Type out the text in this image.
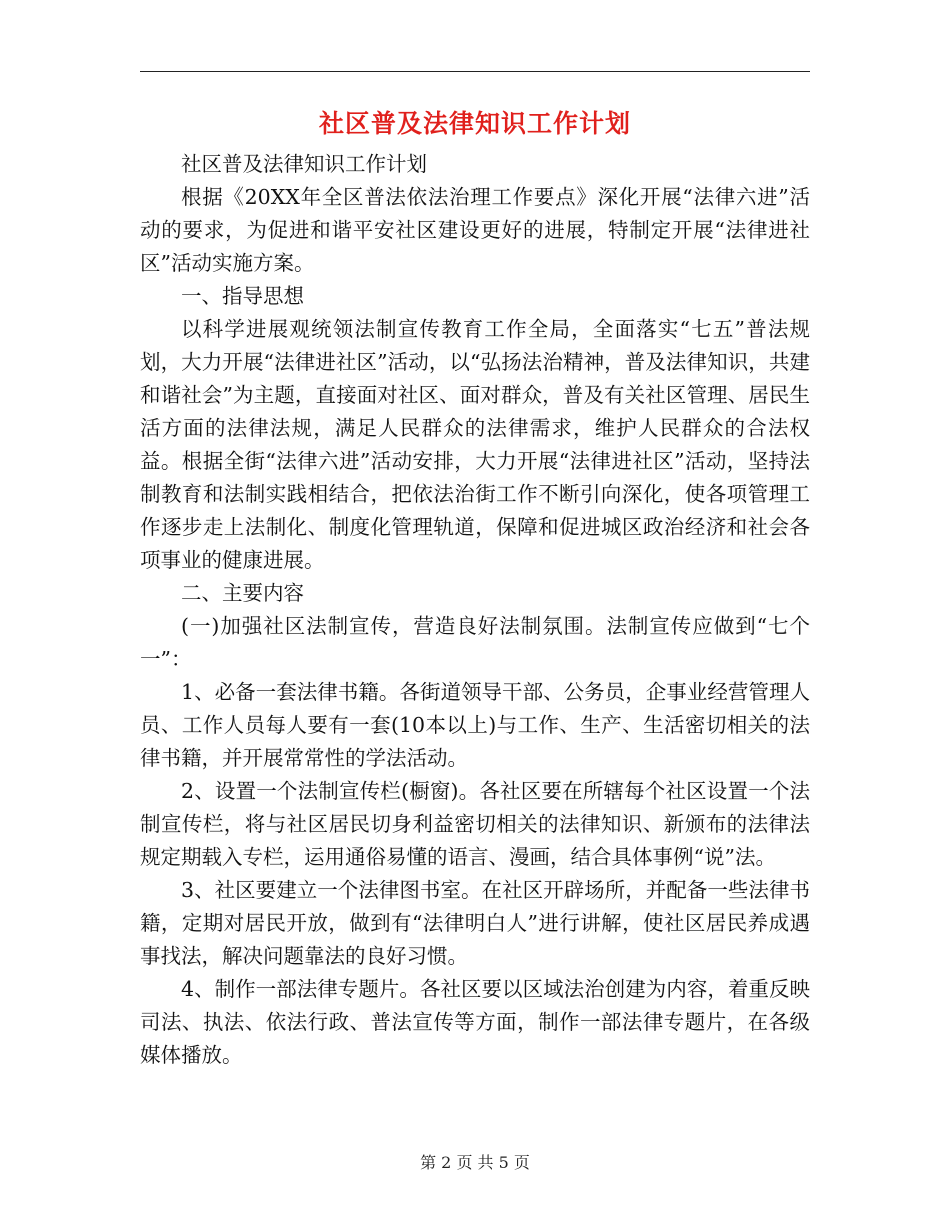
社区普及法律知识工作计划

社区普及法律知识工作计划

根据《20XX年全区普法依法治理工作要点》深化开展“法律六进”活动的要求，为促进和谐平安社区建设更好的进展，特制定开展“法律进社区”活动实施方案。

一、指导思想

以科学进展观统领法制宣传教育工作全局，全面落实“七五”普法规划，大力开展“法律进社区”活动，以“弘扬法治精神，普及法律知识，共建和谐社会”为主题，直接面对社区、面对群众，普及有关社区管理、居民生活方面的法律法规，满足人民群众的法律需求，维护人民群众的合法权益。根据全街“法律六进”活动安排，大力开展“法律进社区”活动，坚持法制教育和法制实践相结合，把依法治街工作不断引向深化，使各项管理工作逐步走上法制化、制度化管理轨道，保障和促进城区政治经济和社会各项事业的健康进展。

二、主要内容

(一)加强社区法制宣传，营造良好法制氛围。法制宣传应做到“七个一”：

1、必备一套法律书籍。各街道领导干部、公务员，企事业经营管理人员、工作人员每人要有一套(10本以上)与工作、生产、生活密切相关的法律书籍，并开展常常性的学法活动。

2、设置一个法制宣传栏(橱窗)。各社区要在所辖每个社区设置一个法制宣传栏，将与社区居民切身利益密切相关的法律知识、新颁布的法律法规定期载入专栏，运用通俗易懂的语言、漫画，结合具体事例“说”法。

3、社区要建立一个法律图书室。在社区开辟场所，并配备一些法律书籍，定期对居民开放，做到有“法律明白人”进行讲解，使社区居民养成遇事找法，解决问题靠法的良好习惯。

4、制作一部法律专题片。各社区要以区域法治创建为内容，着重反映司法、执法、依法行政、普法宣传等方面，制作一部法律专题片，在各级媒体播放。

第 2 页 共 5 页
